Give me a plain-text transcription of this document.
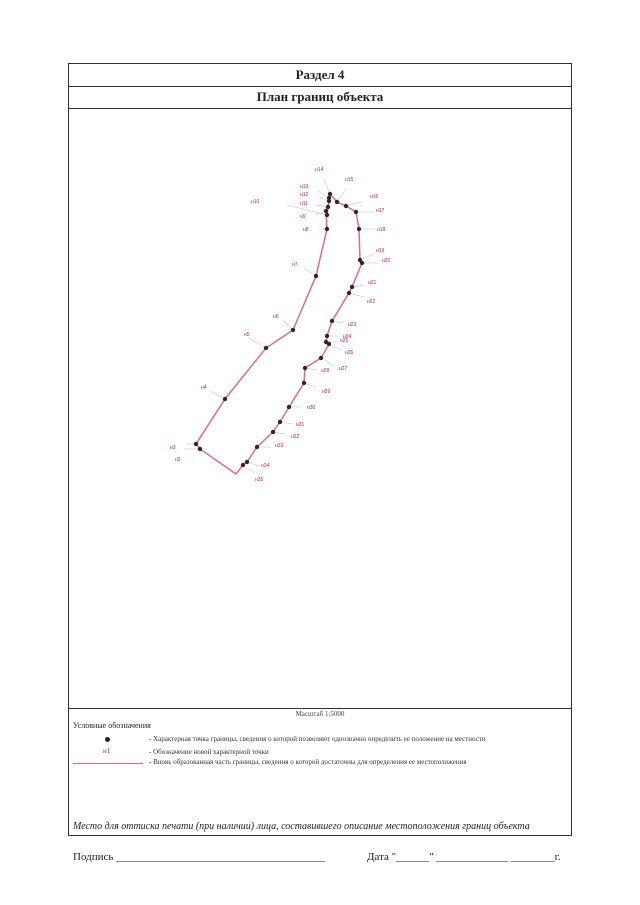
Раздел 4
План границ объекта
н2
н3
н4
н5
н6
н7
н8
н9
н10	н11
н12
н13
н14
н15
н16
н17
н18
н19
н20
н21
н22
н23
н24
н25
н26
н27
н28
н29
н30
н31
н32
н33
н34
н35
Масштаб 1:5000
Условные обозначения
- Характерная точка границы, сведения о которой позволяют однозначно определить ее положение на местности
н1	- Обозначение новой характерной точки
- Вновь образованная часть границы, сведения о которой достаточны для определения ее местоположения
Подпись ______________________________________	Дата "______" _____________ ________г.
Место для оттиска печати (при наличии) лица, составившего описание местоположения границ объекта
